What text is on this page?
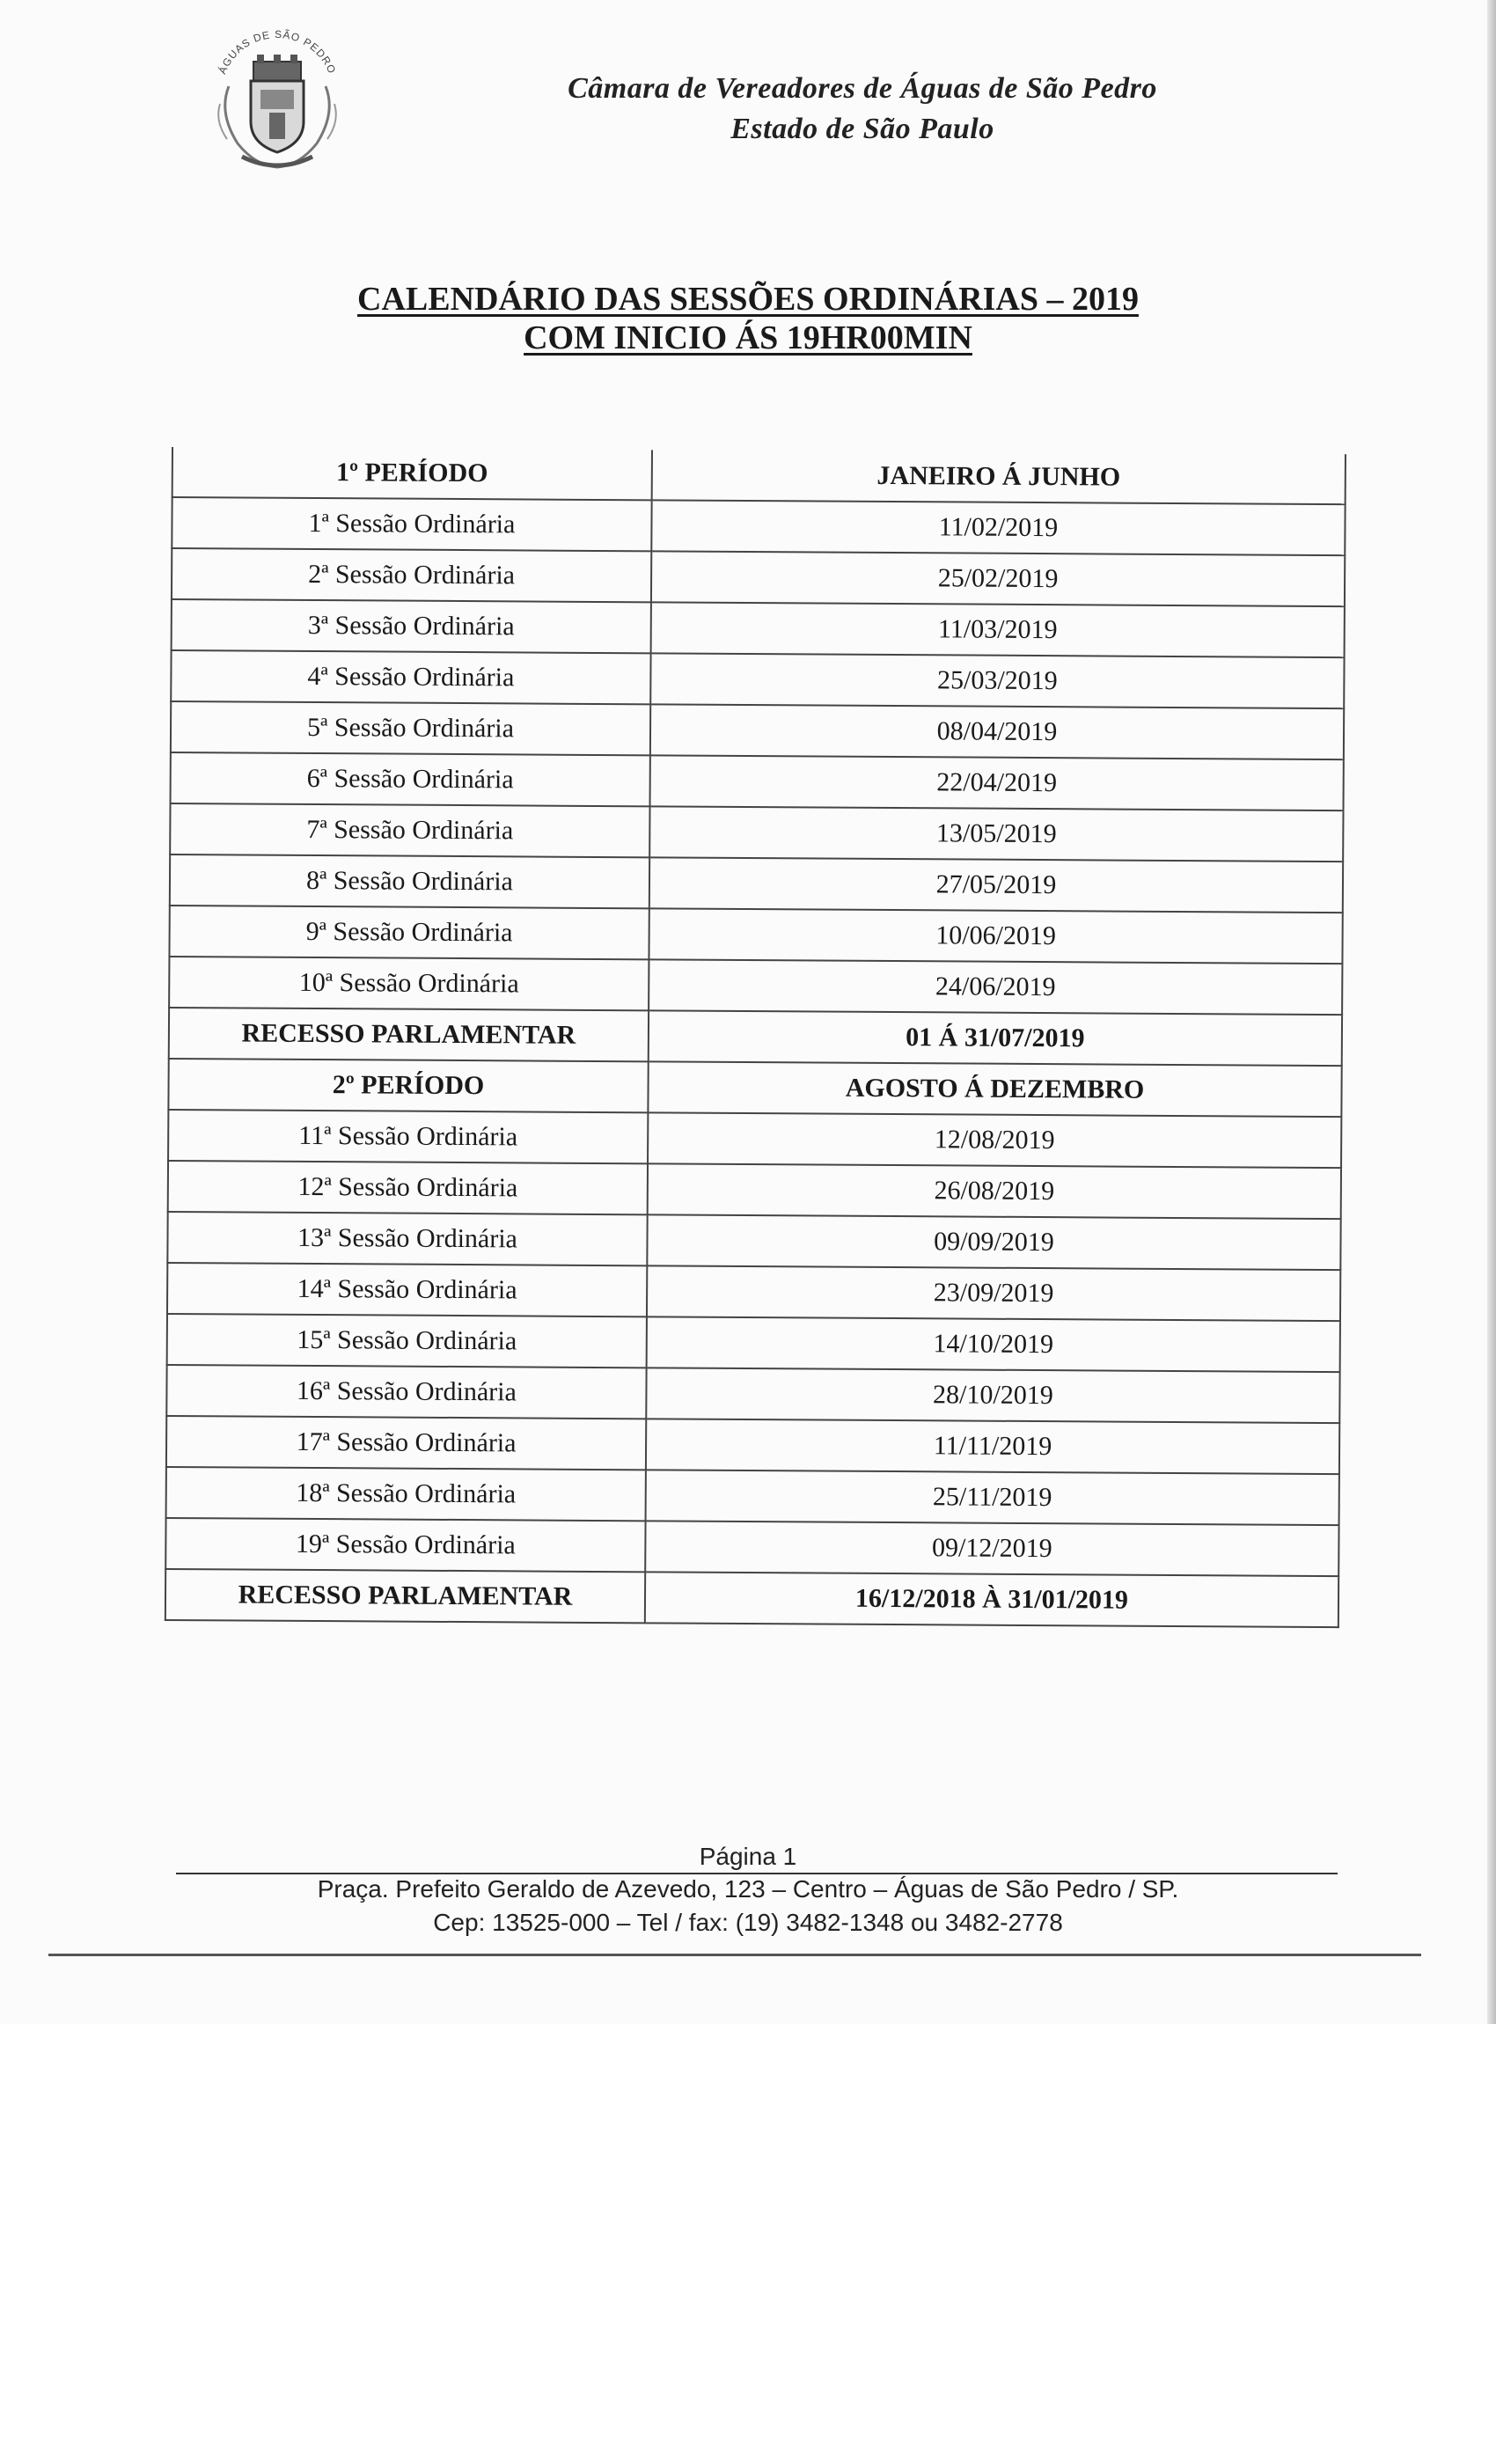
ÁGUAS DE SÃO PEDRO
Câmara de Vereadores de Águas de São Pedro
Estado de São Paulo
CALENDÁRIO DAS SESSÕES ORDINÁRIAS – 2019
COM INICIO ÁS 19HR00MIN
1º PERÍODO	JANEIRO Á JUNHO
1ª Sessão Ordinária	11/02/2019
2ª Sessão Ordinária	25/02/2019
3ª Sessão Ordinária	11/03/2019
4ª Sessão Ordinária	25/03/2019
5ª Sessão Ordinária	08/04/2019
6ª Sessão Ordinária	22/04/2019
7ª Sessão Ordinária	13/05/2019
8ª Sessão Ordinária	27/05/2019
9ª Sessão Ordinária	10/06/2019
10ª Sessão Ordinária	24/06/2019
RECESSO PARLAMENTAR	01 Á 31/07/2019
2º PERÍODO	AGOSTO Á DEZEMBRO
11ª Sessão Ordinária	12/08/2019
12ª Sessão Ordinária	26/08/2019
13ª Sessão Ordinária	09/09/2019
14ª Sessão Ordinária	23/09/2019
15ª Sessão Ordinária	14/10/2019
16ª Sessão Ordinária	28/10/2019
17ª Sessão Ordinária	11/11/2019
18ª Sessão Ordinária	25/11/2019
19ª Sessão Ordinária	09/12/2019
RECESSO PARLAMENTAR	16/12/2018 À 31/01/2019
Página 1
Praça. Prefeito Geraldo de Azevedo, 123 – Centro – Águas de São Pedro / SP.
Cep: 13525-000 – Tel / fax: (19) 3482-1348 ou 3482-2778
